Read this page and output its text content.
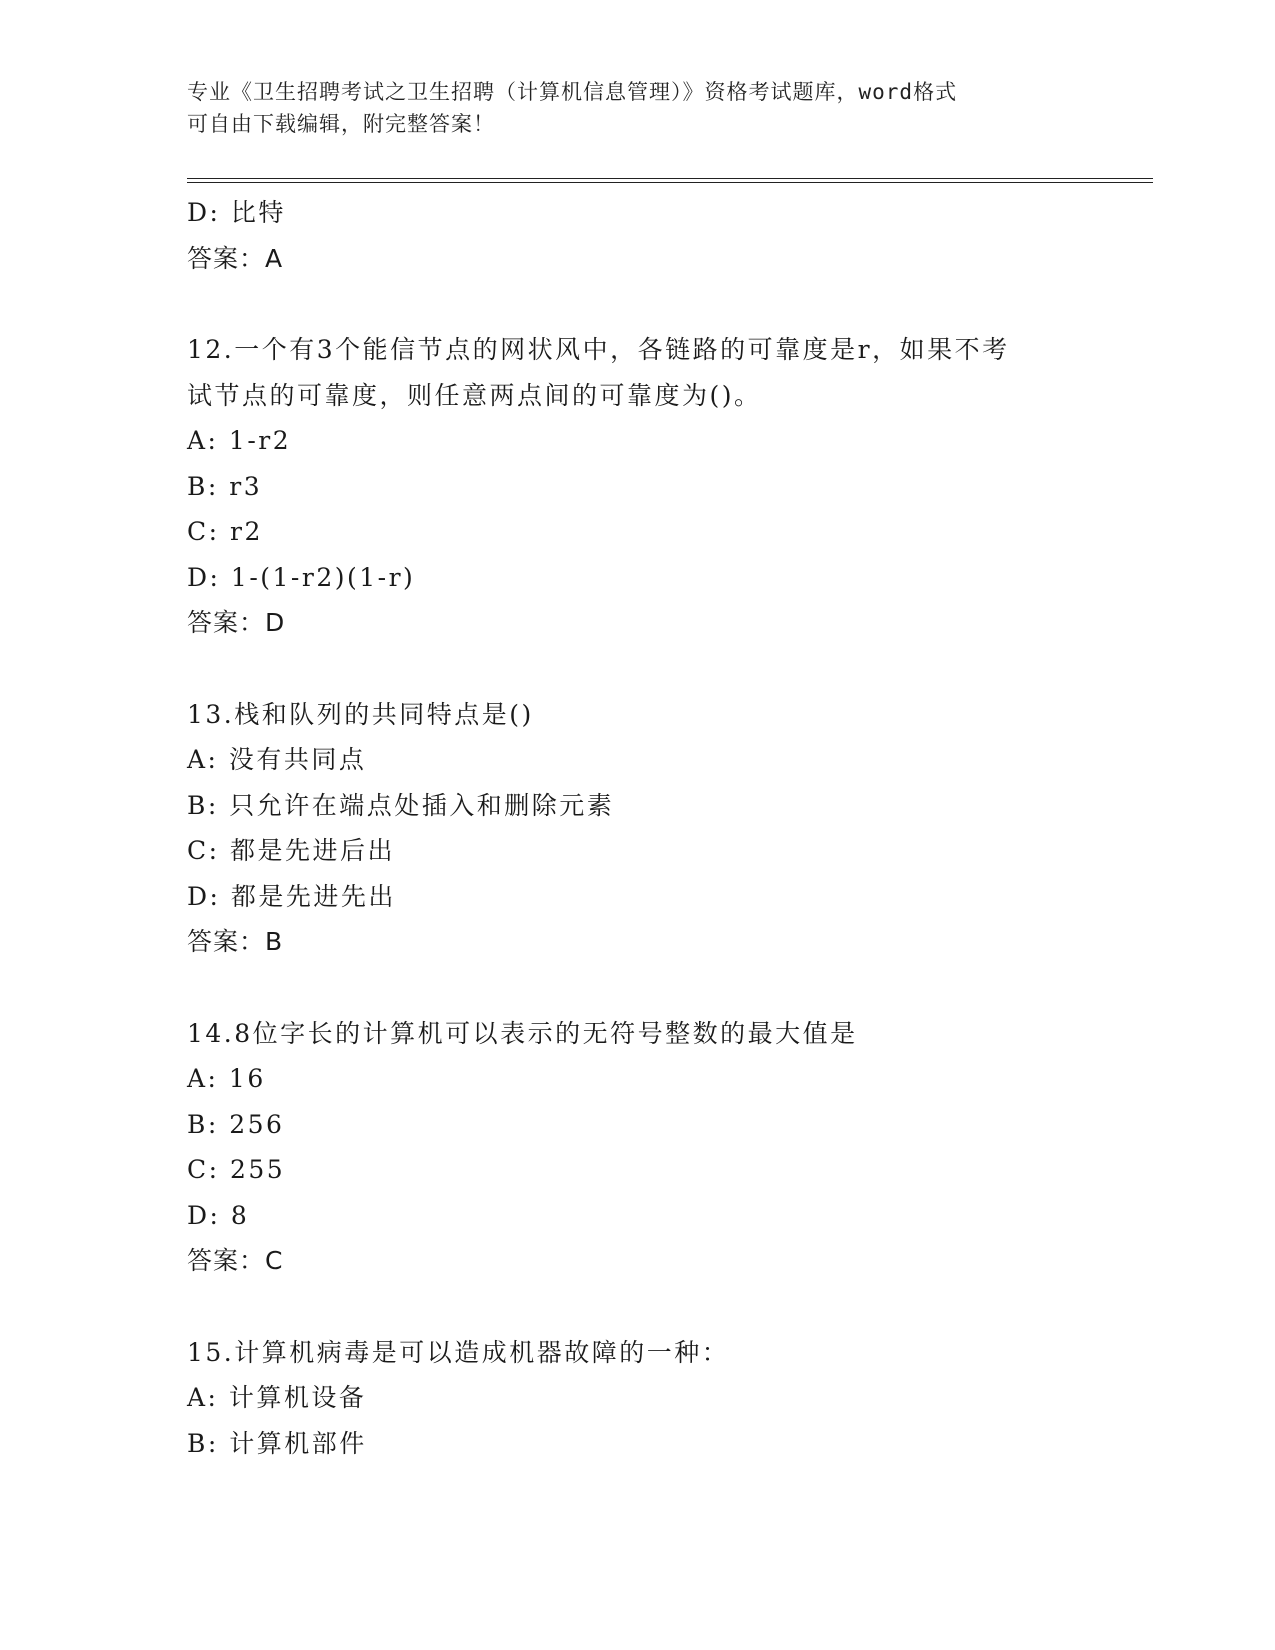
专业《卫生招聘考试之卫生招聘（计算机信息管理）》资格考试题库，word格式
可自由下载编辑，附完整答案！
D: 比特
答案：A
12.一个有3个能信节点的网状风中，各链路的可靠度是r，如果不考
试节点的可靠度，则任意两点间的可靠度为()。
A: 1-r2
B: r3
C: r2
D: 1-(1-r2)(1-r)
答案：D
13.栈和队列的共同特点是()
A: 没有共同点
B: 只允许在端点处插入和删除元素
C: 都是先进后出
D: 都是先进先出
答案：B
14.8位字长的计算机可以表示的无符号整数的最大值是
A: 16
B: 256
C: 255
D: 8
答案：C
15.计算机病毒是可以造成机器故障的一种：
A: 计算机设备
B: 计算机部件
